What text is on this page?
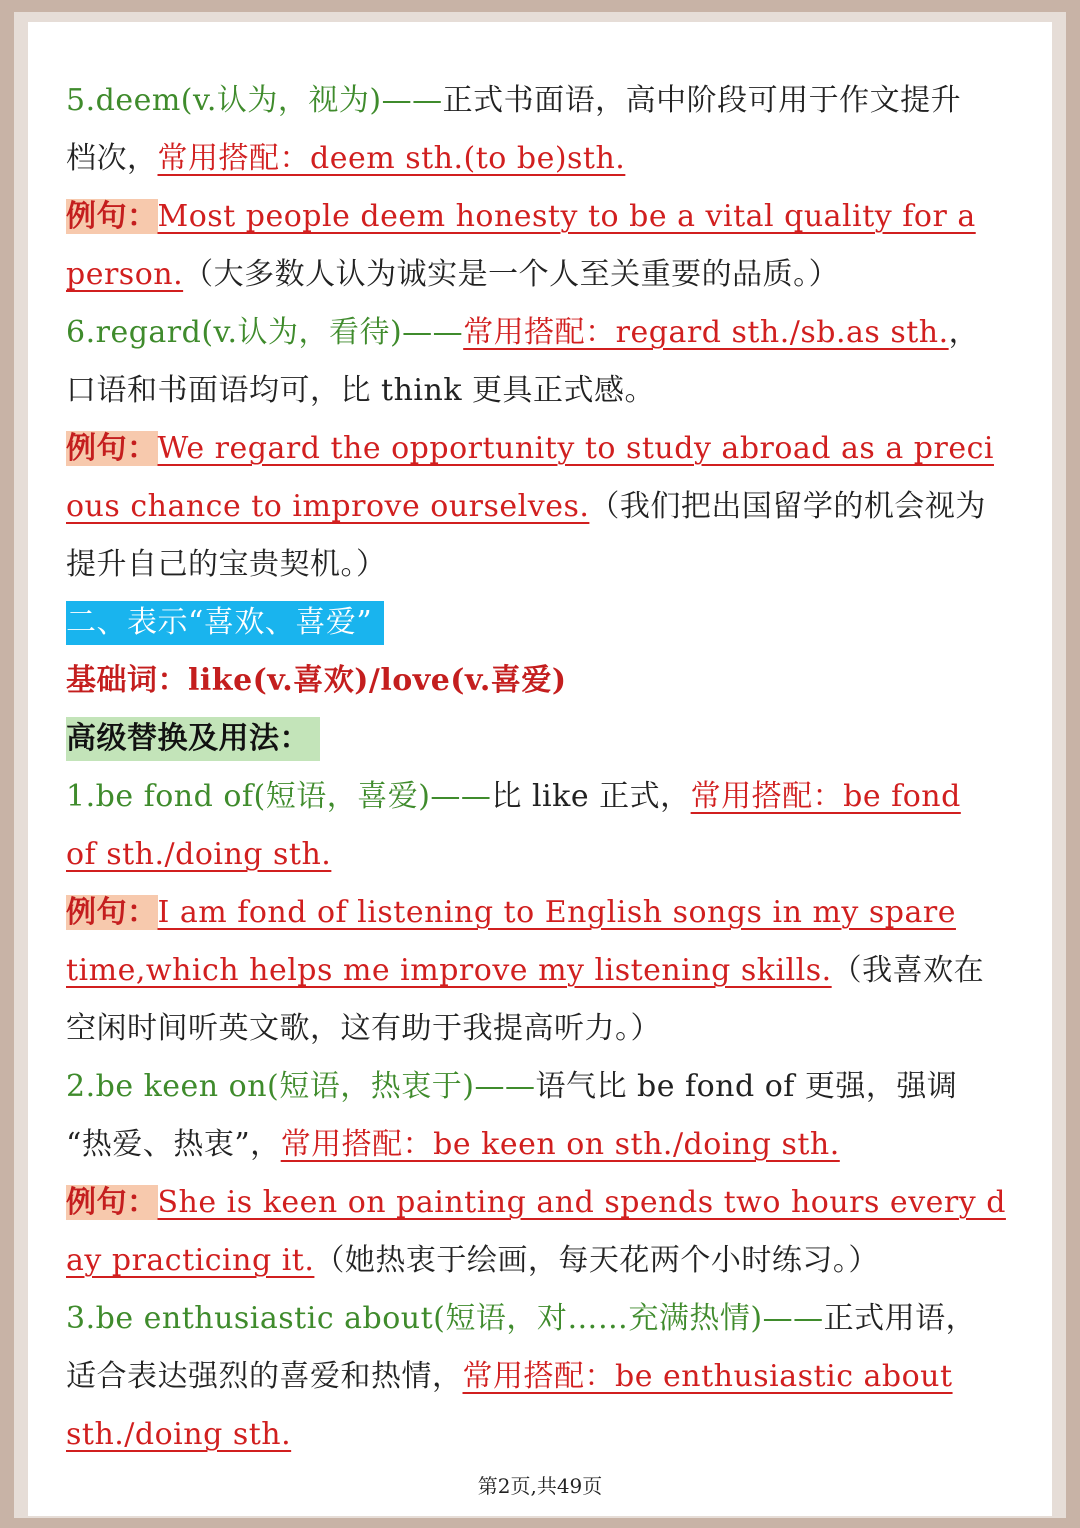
5.deem(v.认为，视为)——正式书面语，高中阶段可用于作文提升
档次，常用搭配：deem sth.(to be)sth.
例句：Most people deem honesty to be a vital quality for a
person.（大多数人认为诚实是一个人至关重要的品质。）
6.regard(v.认为，看待)——常用搭配：regard sth./sb.as sth.，
口语和书面语均可，比 think 更具正式感。
例句：We regard the opportunity to study abroad as a preci
ous chance to improve ourselves.（我们把出国留学的机会视为
提升自己的宝贵契机。）
二、表示“喜欢、喜爱”
基础词：like(v.喜欢)/love(v.喜爱)
高级替换及用法：
1.be fond of(短语，喜爱)——比 like 正式，常用搭配：be fond
of sth./doing sth.
例句：I am fond of listening to English songs in my spare
time,which helps me improve my listening skills.（我喜欢在
空闲时间听英文歌，这有助于我提高听力。）
2.be keen on(短语，热衷于)——语气比 be fond of 更强，强调
“热爱、热衷”，常用搭配：be keen on sth./doing sth.
例句：She is keen on painting and spends two hours every d
ay practicing it.（她热衷于绘画，每天花两个小时练习。）
3.be enthusiastic about(短语，对……充满热情)——正式用语，
适合表达强烈的喜爱和热情，常用搭配：be enthusiastic about
sth./doing sth.
第2页,共49页
